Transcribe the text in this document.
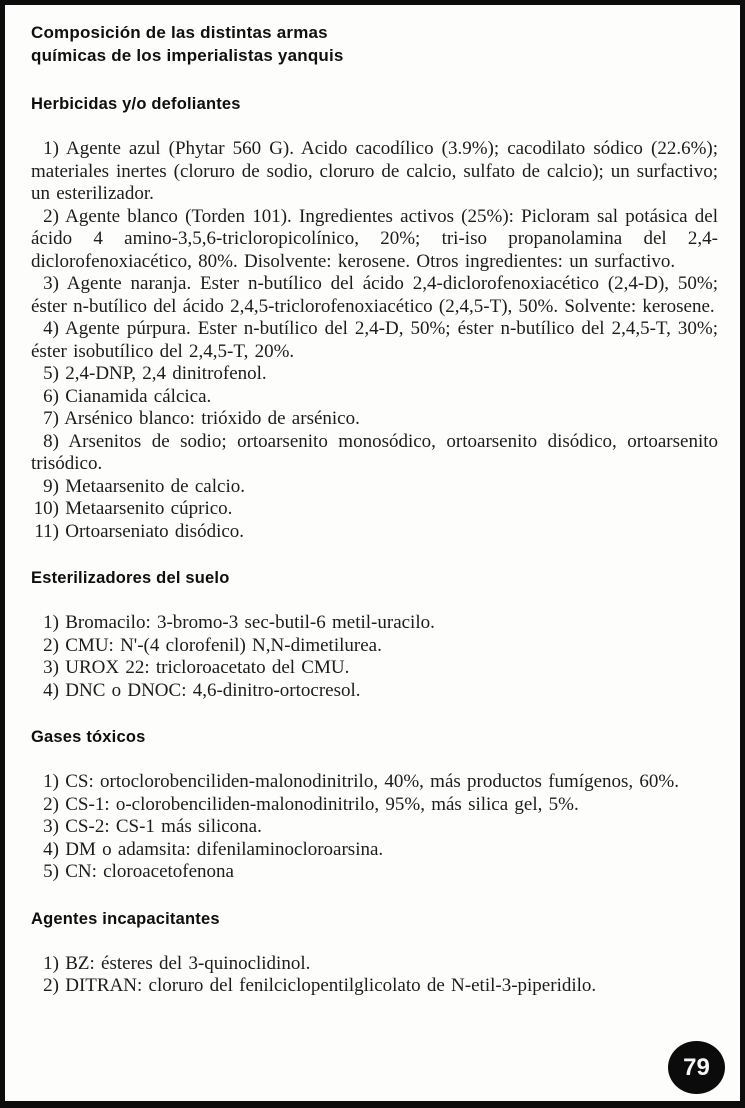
Composición de las distintas armas
químicas de los imperialistas yanquis
Herbicidas y/o defoliantes

1) Agente azul (Phytar 560 G). Acido cacodílico (3.9%); cacodilato sódico (22.6%); materiales inertes (cloruro de sodio, cloruro de calcio, sulfato de calcio); un surfactivo; un esterilizador.

2) Agente blanco (Torden 101). Ingredientes activos (25%): Picloram sal potásica del ácido 4 amino-3,5,6-tricloropicolínico, 20%; tri-iso propanolamina del 2,4-diclorofenoxiacético, 80%. Disolvente: kerosene. Otros ingredientes: un surfactivo.

3) Agente naranja. Ester n-butílico del ácido 2,4-diclorofenoxiacético (2,4-D), 50%; éster n-butílico del ácido 2,4,5-triclorofenoxiacético (2,4,5-T), 50%. Solvente: kerosene.

4) Agente púrpura. Ester n-butílico del 2,4-D, 50%; éster n-butílico del 2,4,5-T, 30%; éster isobutílico del 2,4,5-T, 20%.

5) 2,4-DNP, 2,4 dinitrofenol.

6) Cianamida cálcica.

7) Arsénico blanco: trióxido de arsénico.

8) Arsenitos de sodio; ortoarsenito monosódico, ortoarsenito disódico, ortoarsenito trisódico.

9) Metaarsenito de calcio.

10) Metaarsenito cúprico.

11) Ortoarseniato disódico.

Esterilizadores del suelo

1) Bromacilo: 3-bromo-3 sec-butil-6 metil-uracilo.

2) CMU: N'-(4 clorofenil) N,N-dimetilurea.

3) UROX 22: tricloroacetato del CMU.

4) DNC o DNOC: 4,6-dinitro-ortocresol.

Gases tóxicos

1) CS: ortoclorobenciliden-malonodinitrilo, 40%, más productos fumígenos, 60%.

2) CS-1: o-clorobenciliden-malonodinitrilo, 95%, más silica gel, 5%.

3) CS-2: CS-1 más silicona.

4) DM o adamsita: difenilaminocloroarsina.

5) CN: cloroacetofenona

Agentes incapacitantes

1) BZ: ésteres del 3-quinoclidinol.

2) DITRAN: cloruro del fenilciclopentilglicolato de N-etil-3-piperidilo.

79
